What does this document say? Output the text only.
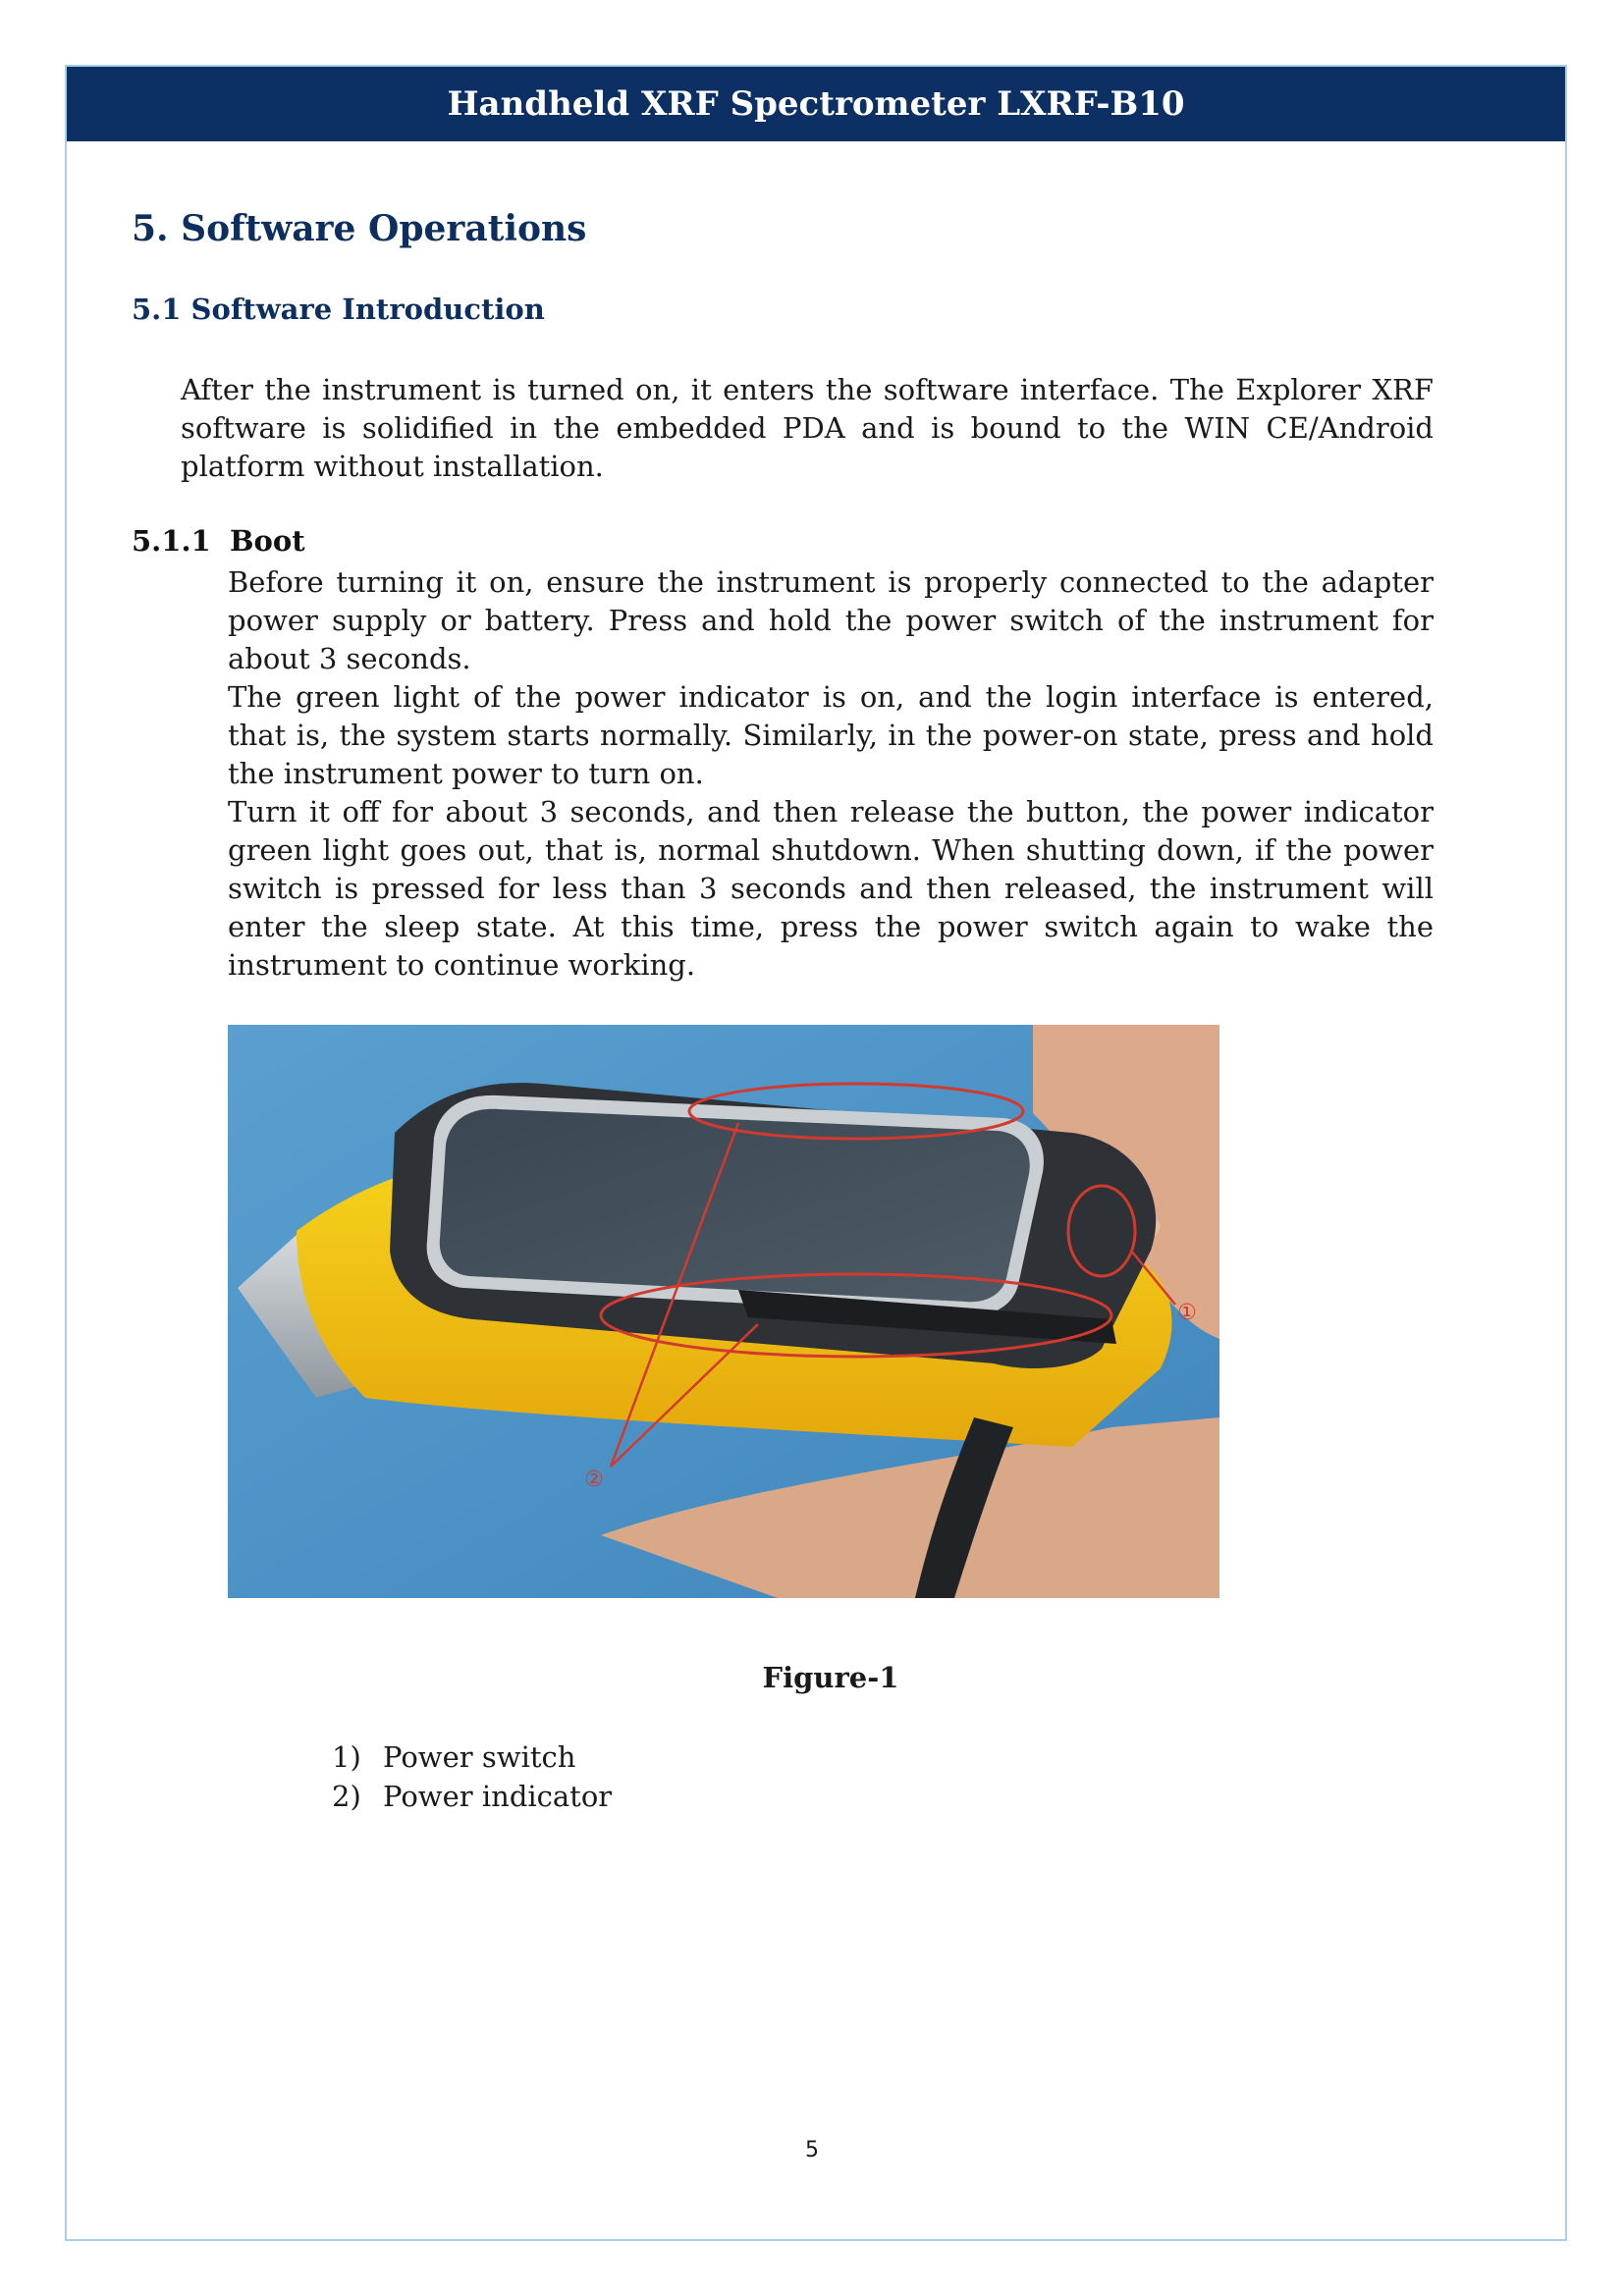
Handheld XRF Spectrometer LXRF-B10
5. Software Operations
5.1 Software Introduction
After the instrument is turned on, it enters the software interface. The Explorer XRF software is solidified in the embedded PDA and is bound to the WIN CE/Android platform without installation.
5.1.1 Boot

Before turning it on, ensure the instrument is properly connected to the adapter power supply or battery. Press and hold the power switch of the instrument for about 3 seconds.

The green light of the power indicator is on, and the login interface is entered, that is, the system starts normally. Similarly, in the power-on state, press and hold the instrument power to turn on.

Turn it off for about 3 seconds, and then release the button, the power indicator green light goes out, that is, normal shutdown. When shutting down, if the power switch is pressed for less than 3 seconds and then released, the instrument will enter the sleep state. At this time, press the power switch again to wake the instrument to continue working.

①
②
Figure-1
1) Power switch
2) Power indicator
5
